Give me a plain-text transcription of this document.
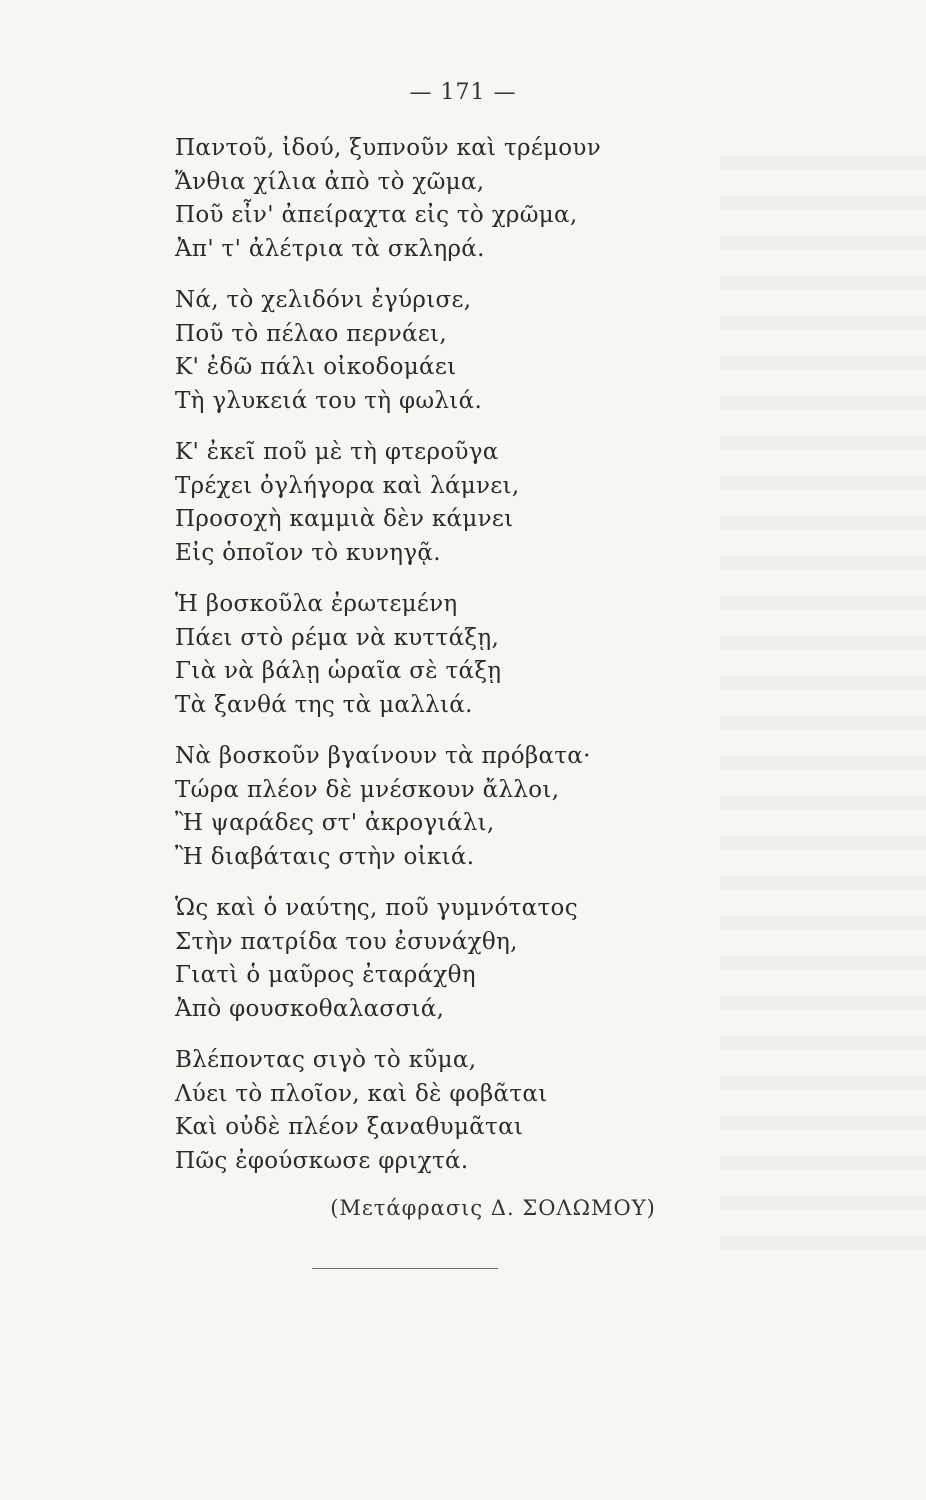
— 171 —
Παντοῦ, ἰδού, ξυπνοῦν καὶ τρέμουν
Ἄνθια χίλια ἀπὸ τὸ χῶμα,
Ποῦ εἶν' ἀπείραχτα εἰς τὸ χρῶμα,
Ἀπ' τ' ἀλέτρια τὰ σκληρά.
Νά, τὸ χελιδόνι ἐγύρισε,
Ποῦ τὸ πέλαο περνάει,
Κ' ἐδῶ πάλι οἰκοδομάει
Τὴ γλυκειά του τὴ φωλιά.
Κ' ἐκεῖ ποῦ μὲ τὴ φτεροῦγα
Τρέχει ὀγλήγορα καὶ λάμνει,
Προσοχὴ καμμιὰ δὲν κάμνει
Εἰς ὁποῖον τὸ κυνηγᾷ.
Ἡ βοσκοῦλα ἐρωτεμένη
Πάει στὸ ρέμα νὰ κυττάξῃ,
Γιὰ νὰ βάλῃ ὡραῖα σὲ τάξῃ
Τὰ ξανθά της τὰ μαλλιά.
Νὰ βοσκοῦν βγαίνουν τὰ πρόβατα·
Τώρα πλέον δὲ μνέσκουν ἄλλοι,
Ἢ ψαράδες στ' ἀκρογιάλι,
Ἢ διαβάταις στὴν οἰκιά.
Ὡς καὶ ὁ ναύτης, ποῦ γυμνότατος
Στὴν πατρίδα του ἐσυνάχθη,
Γιατὶ ὁ μαῦρος ἐταράχθη
Ἀπὸ φουσκοθαλασσιά,
Βλέποντας σιγὸ τὸ κῦμα,
Λύει τὸ πλοῖον, καὶ δὲ φοβᾶται
Καὶ οὐδὲ πλέον ξαναθυμᾶται
Πῶς ἐφούσκωσε φριχτά.
(Μετάφρασις Δ. ΣΟΛΩΜΟΥ)
